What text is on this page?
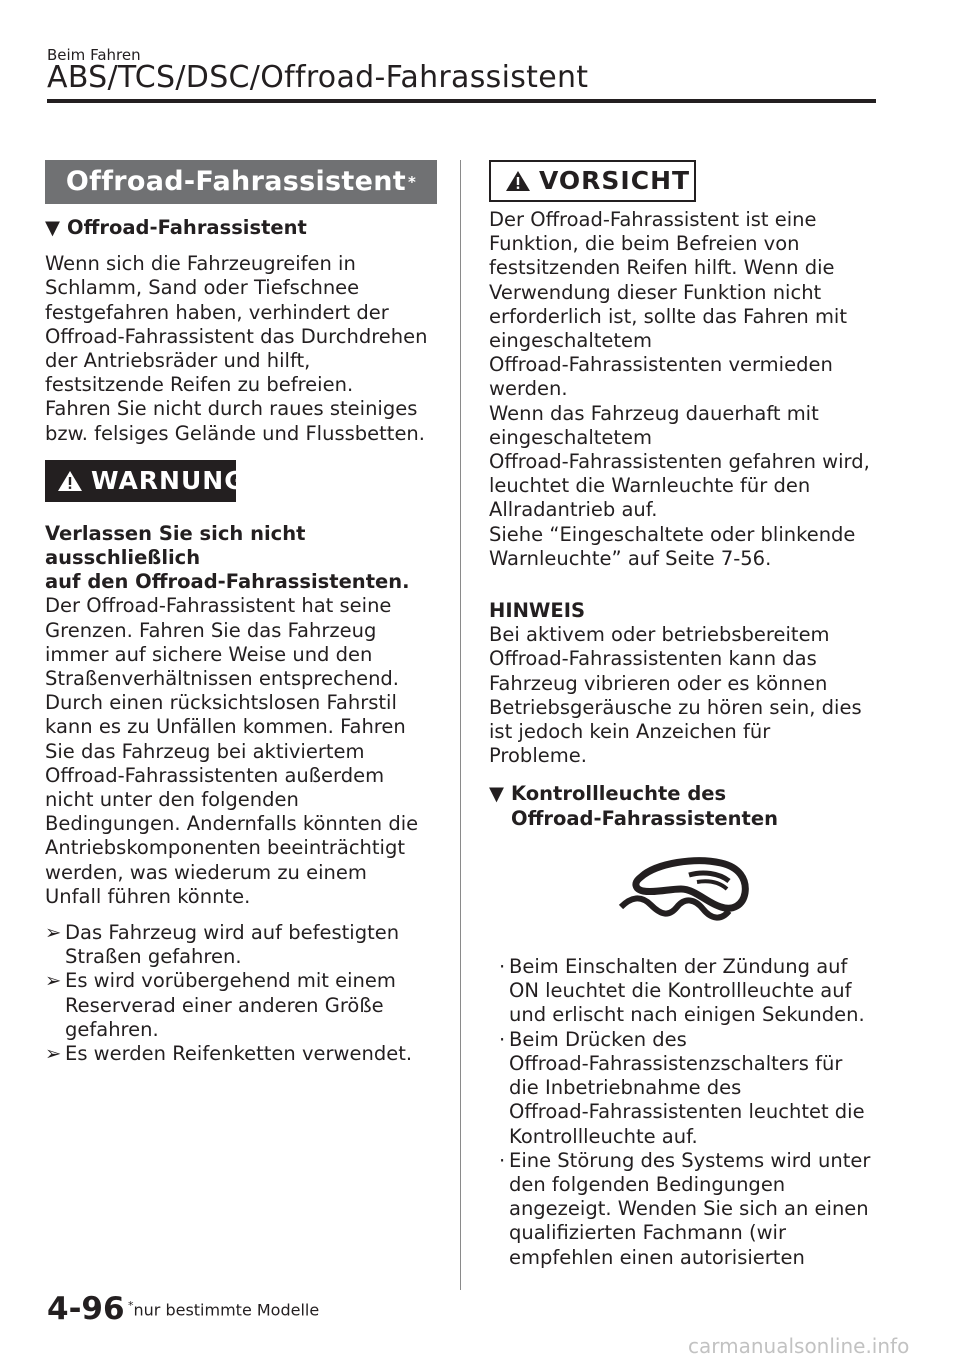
Beim Fahren
ABS/TCS/DSC/Offroad-Fahrassistent
Offroad-Fahrassistent *
▼ Offroad-Fahrassistent
Wenn sich die Fahrzeugreifen in
Schlamm, Sand oder Tiefschnee
festgefahren haben, verhindert der
Offroad-Fahrassistent das Durchdrehen
der Antriebsräder und hilft,
festsitzende Reifen zu befreien.
Fahren Sie nicht durch raues steiniges
bzw. felsiges Gelände und Flussbetten.
WARNUNG
Verlassen Sie sich nicht ausschließlich
auf den Offroad-Fahrassistenten.
Der Offroad-Fahrassistent hat seine
Grenzen. Fahren Sie das Fahrzeug
immer auf sichere Weise und den
Straßenverhältnissen entsprechend.
Durch einen rücksichtslosen Fahrstil
kann es zu Unfällen kommen. Fahren
Sie das Fahrzeug bei aktiviertem
Offroad-Fahrassistenten außerdem
nicht unter den folgenden
Bedingungen. Andernfalls könnten die
Antriebskomponenten beeinträchtigt
werden, was wiederum zu einem
Unfall führen könnte.
➢ Das Fahrzeug wird auf befestigten
Straßen gefahren.
➢ Es wird vorübergehend mit einem
Reserverad einer anderen Größe
gefahren.
➢ Es werden Reifenketten verwendet.
VORSICHT
Der Offroad-Fahrassistent ist eine
Funktion, die beim Befreien von
festsitzenden Reifen hilft. Wenn die
Verwendung dieser Funktion nicht
erforderlich ist, sollte das Fahren mit
eingeschaltetem
Offroad-Fahrassistenten vermieden
werden.
Wenn das Fahrzeug dauerhaft mit
eingeschaltetem
Offroad-Fahrassistenten gefahren wird,
leuchtet die Warnleuchte für den
Allradantrieb auf.
Siehe “Eingeschaltete oder blinkende
Warnleuchte” auf Seite 7-56.
HINWEIS
Bei aktivem oder betriebsbereitem
Offroad-Fahrassistenten kann das
Fahrzeug vibrieren oder es können
Betriebsgeräusche zu hören sein, dies
ist jedoch kein Anzeichen für
Probleme.
▼ Kontrollleuchte des
Offroad-Fahrassistenten
· Beim Einschalten der Zündung auf
ON leuchtet die Kontrollleuchte auf
und erlischt nach einigen Sekunden.
· Beim Drücken des
Offroad-Fahrassistenzschalters für
die Inbetriebnahme des
Offroad-Fahrassistenten leuchtet die
Kontrollleuchte auf.
· Eine Störung des Systems wird unter
den folgenden Bedingungen
angezeigt. Wenden Sie sich an einen
qualifizierten Fachmann (wir
empfehlen einen autorisierten
4-96 *nur bestimmte Modelle
carmanualsonline.info
